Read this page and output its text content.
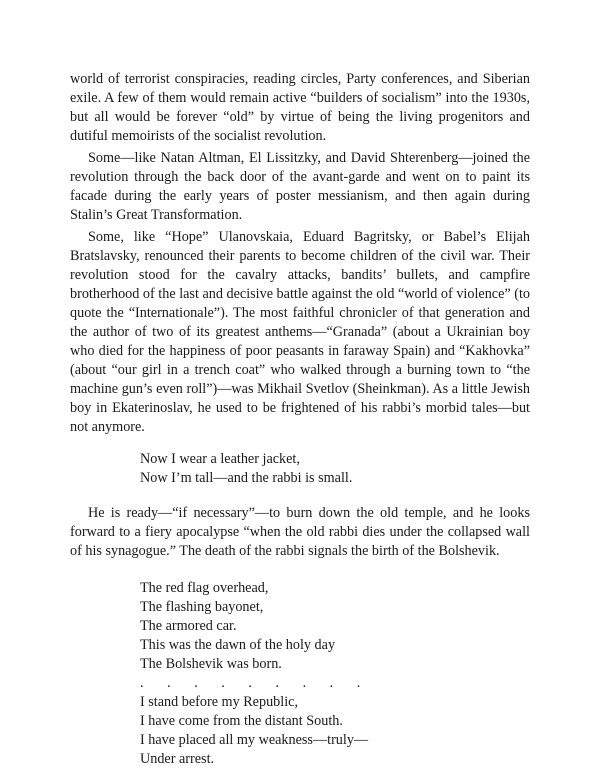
world of terrorist conspiracies, reading circles, Party conferences, and Siberian exile. A few of them would remain active “builders of socialism” into the 1930s, but all would be forever “old” by virtue of being the living progenitors and dutiful memoirists of the socialist revolution.

Some—like Natan Altman, El Lissitzky, and David Shterenberg—joined the revolution through the back door of the avant-garde and went on to paint its facade during the early years of poster messianism, and then again during Stalin’s Great Transformation.

Some, like “Hope” Ulanovskaia, Eduard Bagritsky, or Babel’s Elijah Bratslavsky, renounced their parents to become children of the civil war. Their revolution stood for the cavalry attacks, bandits’ bullets, and campfire brotherhood of the last and decisive battle against the old “world of violence” (to quote the “Internationale”). The most faithful chronicler of that generation and the author of two of its greatest anthems—“Granada” (about a Ukrainian boy who died for the happiness of poor peasants in faraway Spain) and “Kakhovka” (about “our girl in a trench coat” who walked through a burning town to “the machine gun’s even roll”)—was Mikhail Svetlov (Sheinkman). As a little Jewish boy in Ekaterinoslav, he used to be frightened of his rabbi’s morbid tales—but not anymore.

Now I wear a leather jacket,
Now I’m tall—and the rabbi is small.

He is ready—“if necessary”—to burn down the old temple, and he looks forward to a fiery apocalypse “when the old rabbi dies under the collapsed wall of his synagogue.” The death of the rabbi signals the birth of the Bolshevik.

The red flag overhead,
The flashing bayonet,
The armored car.
This was the dawn of the holy day
The Bolshevik was born.
. . . . . . . . .
I stand before my Republic,
I have come from the distant South.
I have placed all my weakness—truly—
Under arrest.
